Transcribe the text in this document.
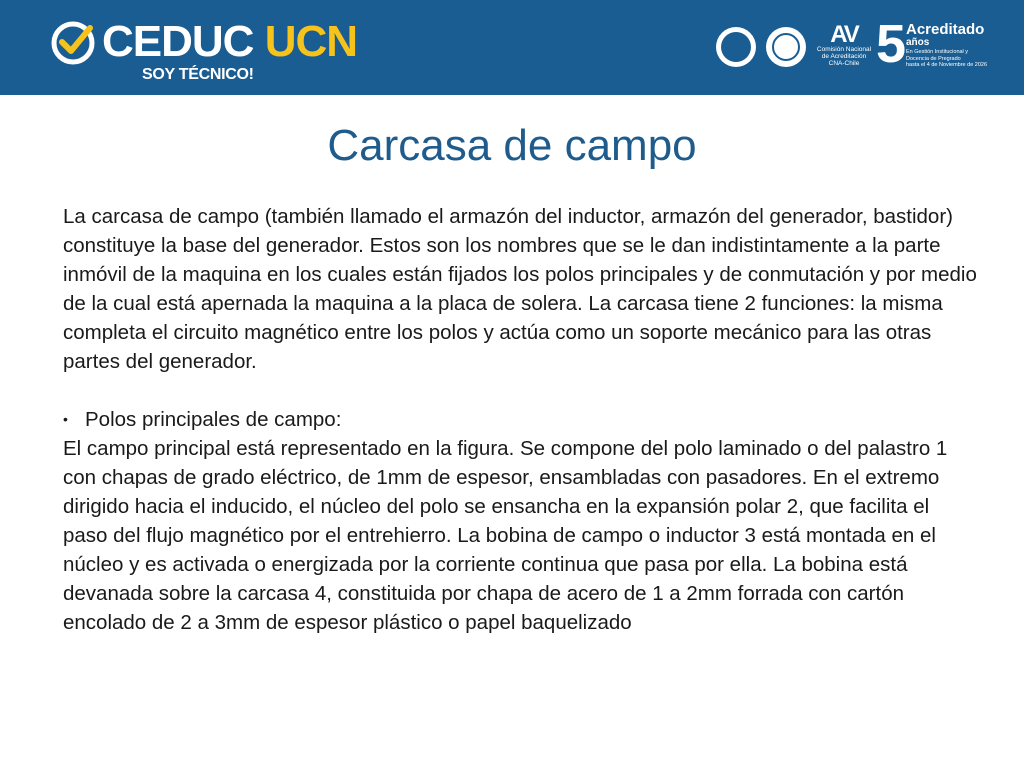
CEDUC UCN
SOY TÉCNICO!
AV
Comisión Nacional
de Acreditación
CNA-Chile 5 Acreditado
años
En Gestión Institucional y
Docencia de Pregrado
hasta el 4 de Noviembre de 2026
Carcasa de campo

La carcasa de campo (también llamado el armazón del inductor, armazón del generador, bastidor) constituye la base del generador. Estos son los nombres que se le dan indistintamente a la parte inmóvil de la maquina en los cuales están fijados los polos principales y de conmutación y por medio de la cual está apernada la maquina a la placa de solera. La carcasa tiene 2 funciones: la misma completa el circuito magnético entre los polos y actúa como un soporte mecánico para las otras partes del generador.

• Polos principales de campo:

El campo principal está representado en la figura. Se compone del polo laminado o del palastro 1 con chapas de grado eléctrico, de 1mm de espesor, ensambladas con pasadores. En el extremo dirigido hacia el inducido, el núcleo del polo se ensancha en la expansión polar 2, que facilita el paso del flujo magnético por el entrehierro. La bobina de campo o inductor 3 está montada en el núcleo y es activada o energizada por la corriente continua que pasa por ella. La bobina está devanada sobre la carcasa 4, constituida por chapa de acero de 1 a 2mm forrada con cartón encolado de 2 a 3mm de espesor plástico o papel baquelizado
